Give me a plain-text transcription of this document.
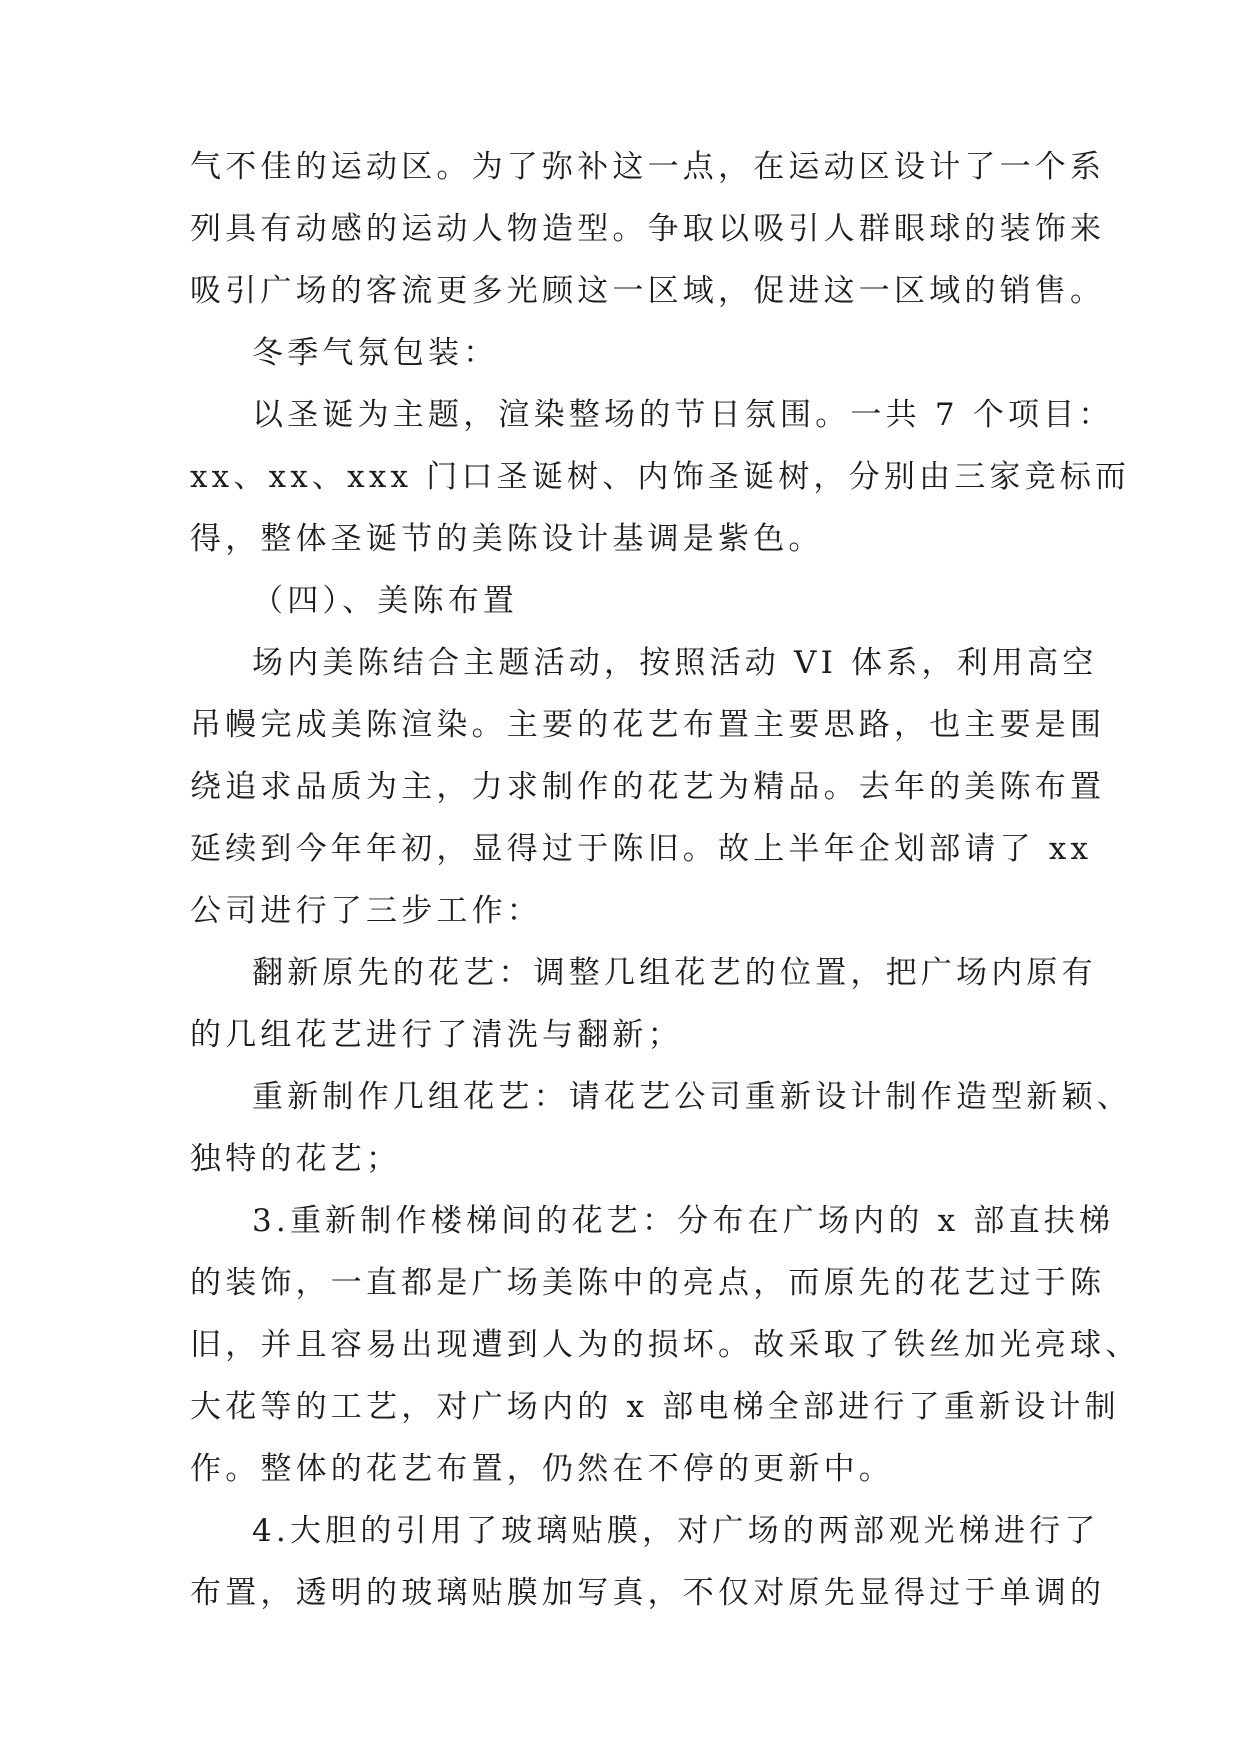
气不佳的运动区。为了弥补这一点，在运动区设计了一个系
列具有动感的运动人物造型。争取以吸引人群眼球的装饰来
吸引广场的客流更多光顾这一区域，促进这一区域的销售。
冬季气氛包装：
以圣诞为主题，渲染整场的节日氛围。一共 7 个项目：
xx、xx、xxx 门口圣诞树、内饰圣诞树，分别由三家竞标而
得，整体圣诞节的美陈设计基调是紫色。
（四）、美陈布置
场内美陈结合主题活动，按照活动 VI 体系，利用高空
吊幔完成美陈渲染。主要的花艺布置主要思路，也主要是围
绕追求品质为主，力求制作的花艺为精品。去年的美陈布置
延续到今年年初，显得过于陈旧。故上半年企划部请了 xx
公司进行了三步工作：
翻新原先的花艺：调整几组花艺的位置，把广场内原有
的几组花艺进行了清洗与翻新；
重新制作几组花艺：请花艺公司重新设计制作造型新颖、
独特的花艺；
3.重新制作楼梯间的花艺：分布在广场内的 x 部直扶梯
的装饰，一直都是广场美陈中的亮点，而原先的花艺过于陈
旧，并且容易出现遭到人为的损坏。故采取了铁丝加光亮球、
大花等的工艺，对广场内的 x 部电梯全部进行了重新设计制
作。整体的花艺布置，仍然在不停的更新中。
4.大胆的引用了玻璃贴膜，对广场的两部观光梯进行了
布置，透明的玻璃贴膜加写真，不仅对原先显得过于单调的
